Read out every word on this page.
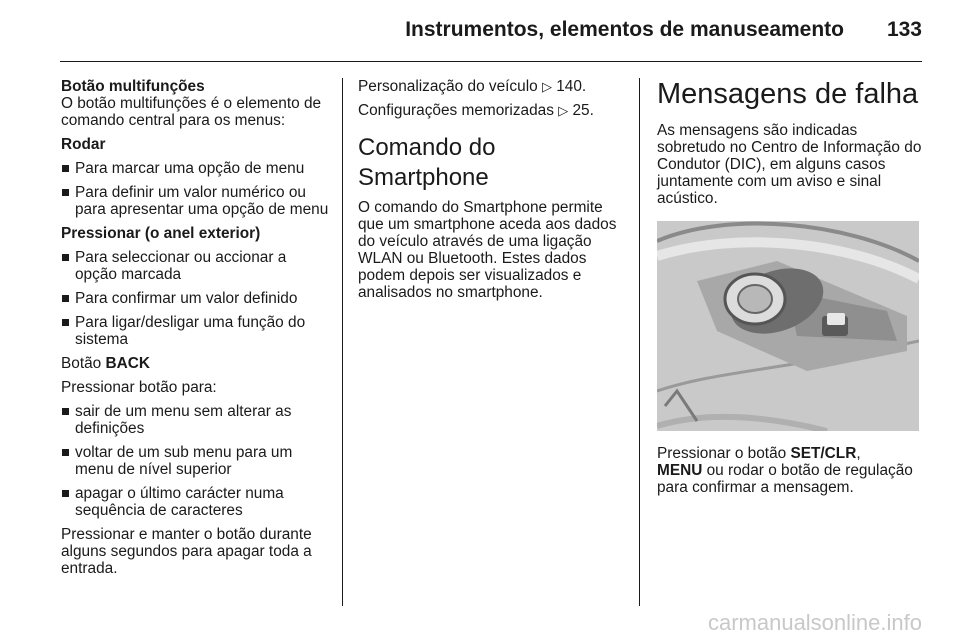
Instrumentos, elementos de manuseamento 133

Botão multifunções

O botão multifunções é o elemento de comando central para os menus:

Rodar

Para marcar uma opção de menu
Para definir um valor numérico ou para apresentar uma opção de menu

Pressionar (o anel exterior)

Para seleccionar ou accionar a opção marcada
Para confirmar um valor definido
Para ligar/desligar uma função do sistema

Botão BACK

Pressionar botão para:

sair de um menu sem alterar as definições
voltar de um sub menu para um menu de nível superior
apagar o último carácter numa sequência de caracteres

Pressionar e manter o botão durante alguns segundos para apagar toda a entrada.

Personalização do veículo ▷ 140.

Configurações memorizadas ▷ 25.

Comando do Smartphone

O comando do Smartphone permite que um smartphone aceda aos dados do veículo através de uma ligação WLAN ou Bluetooth. Estes dados podem depois ser visualizados e analisados no smartphone.

Mensagens de falha

As mensagens são indicadas sobretudo no Centro de Informação do Condutor (DIC), em alguns casos juntamente com um aviso e sinal acústico.

Pressionar o botão SET/CLR,
MENU ou rodar o botão de regulação para confirmar a mensagem.

carmanualsonline.info
